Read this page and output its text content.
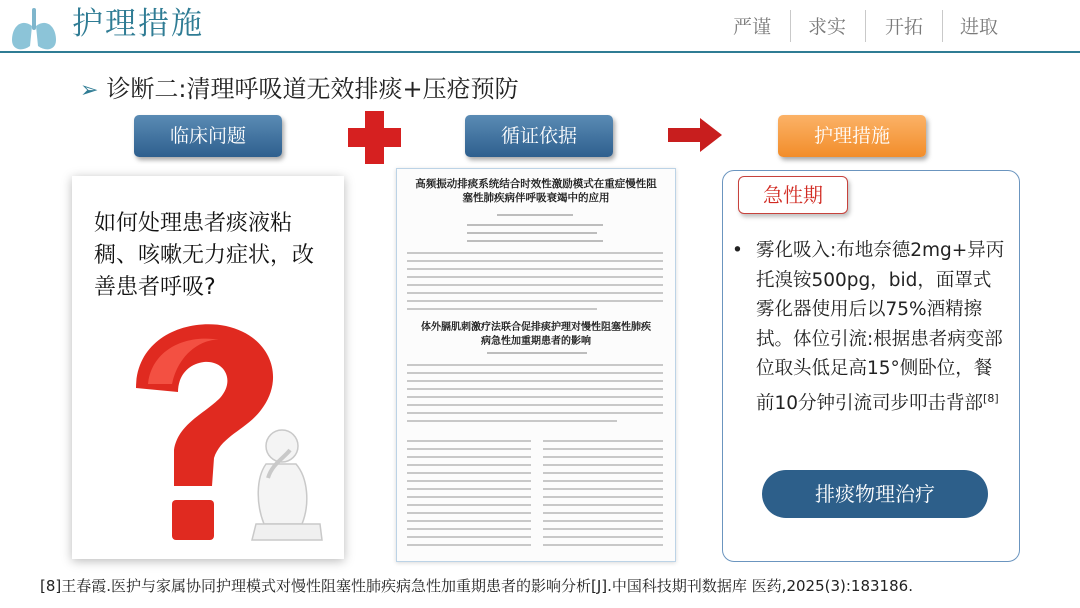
护理措施	严谨 求实 开拓 进取
➢ 诊断二:清理呼吸道无效排痰+压疮预防
临床问题	循证依据	护理措施
如何处理患者痰液粘稠、咳嗽无力症状，改善患者呼吸?
高频振动排痰系统结合时效性激励模式在重症慢性阻塞性肺疾病伴呼吸衰竭中的应用
体外膈肌刺激疗法联合促排痰护理对慢性阻塞性肺疾病急性加重期患者的影响
急性期
• 雾化吸入:布地奈德2mg+异丙托溴铵500pg，bid，面罩式雾化器使用后以75%酒精擦拭。体位引流:根据患者病变部位取头低足高15°侧卧位，餐前10分钟引流司步叩击背部[8]
排痰物理治疗
[8]王春霞.医护与家属协同护理模式对慢性阻塞性肺疾病急性加重期患者的影响分析[J].中国科技期刊数据库 医药,2025(3):183186.
